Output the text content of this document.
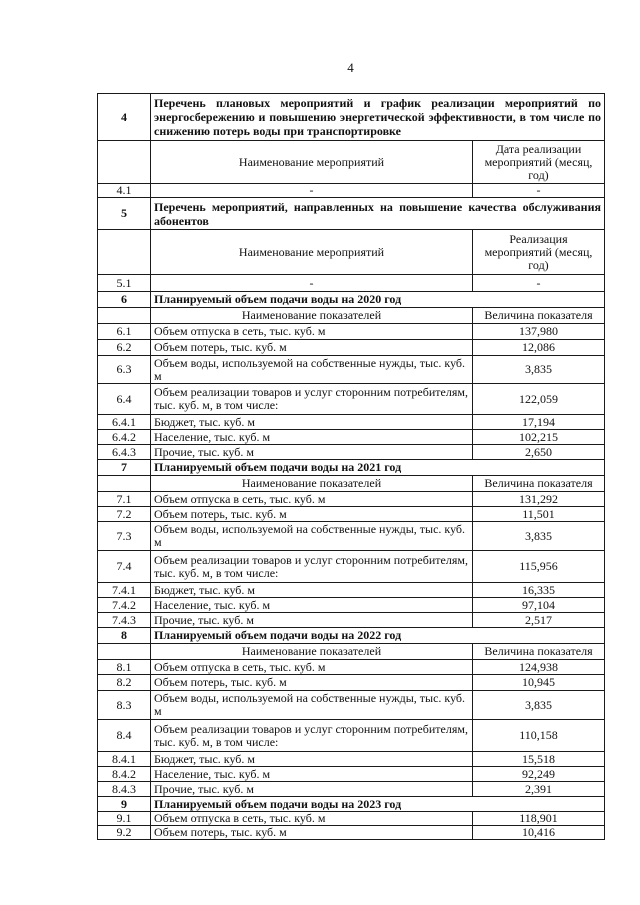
4
4	Перечень плановых мероприятий и график реализации мероприятий по энергосбережению и повышению энергетической эффективности, в том числе по снижению потерь воды при транспортировке	
	Наименование мероприятий	Дата реализации мероприятий (месяц, год)
4.1	-	-
5	Перечень мероприятий, направленных на повышение качества обслуживания абонентов	
	Наименование мероприятий	Реализация мероприятий (месяц, год)
5.1	-	-
6	Планируемый объем подачи воды на 2020 год	
	Наименование показателей	Величина показателя
6.1	Объем отпуска в сеть, тыс. куб. м	137,980
6.2	Объем потерь, тыс. куб. м	12,086
6.3	Объем воды, используемой на собственные нужды, тыс. куб. м	3,835
6.4	Объем реализации товаров и услуг сторонним потребителям, тыс. куб. м, в том числе:	122,059
6.4.1	Бюджет, тыс. куб. м	17,194
6.4.2	Население, тыс. куб. м	102,215
6.4.3	Прочие, тыс. куб. м	2,650
7	Планируемый объем подачи воды на 2021 год	
	Наименование показателей	Величина показателя
7.1	Объем отпуска в сеть, тыс. куб. м	131,292
7.2	Объем потерь, тыс. куб. м	11,501
7.3	Объем воды, используемой на собственные нужды, тыс. куб. м	3,835
7.4	Объем реализации товаров и услуг сторонним потребителям, тыс. куб. м, в том числе:	115,956
7.4.1	Бюджет, тыс. куб. м	16,335
7.4.2	Население, тыс. куб. м	97,104
7.4.3	Прочие, тыс. куб. м	2,517
8	Планируемый объем подачи воды на 2022 год	
	Наименование показателей	Величина показателя
8.1	Объем отпуска в сеть, тыс. куб. м	124,938
8.2	Объем потерь, тыс. куб. м	10,945
8.3	Объем воды, используемой на собственные нужды, тыс. куб. м	3,835
8.4	Объем реализации товаров и услуг сторонним потребителям, тыс. куб. м, в том числе:	110,158
8.4.1	Бюджет, тыс. куб. м	15,518
8.4.2	Население, тыс. куб. м	92,249
8.4.3	Прочие, тыс. куб. м	2,391
9	Планируемый объем подачи воды на 2023 год	
9.1	Объем отпуска в сеть, тыс. куб. м	118,901
9.2	Объем потерь, тыс. куб. м	10,416
